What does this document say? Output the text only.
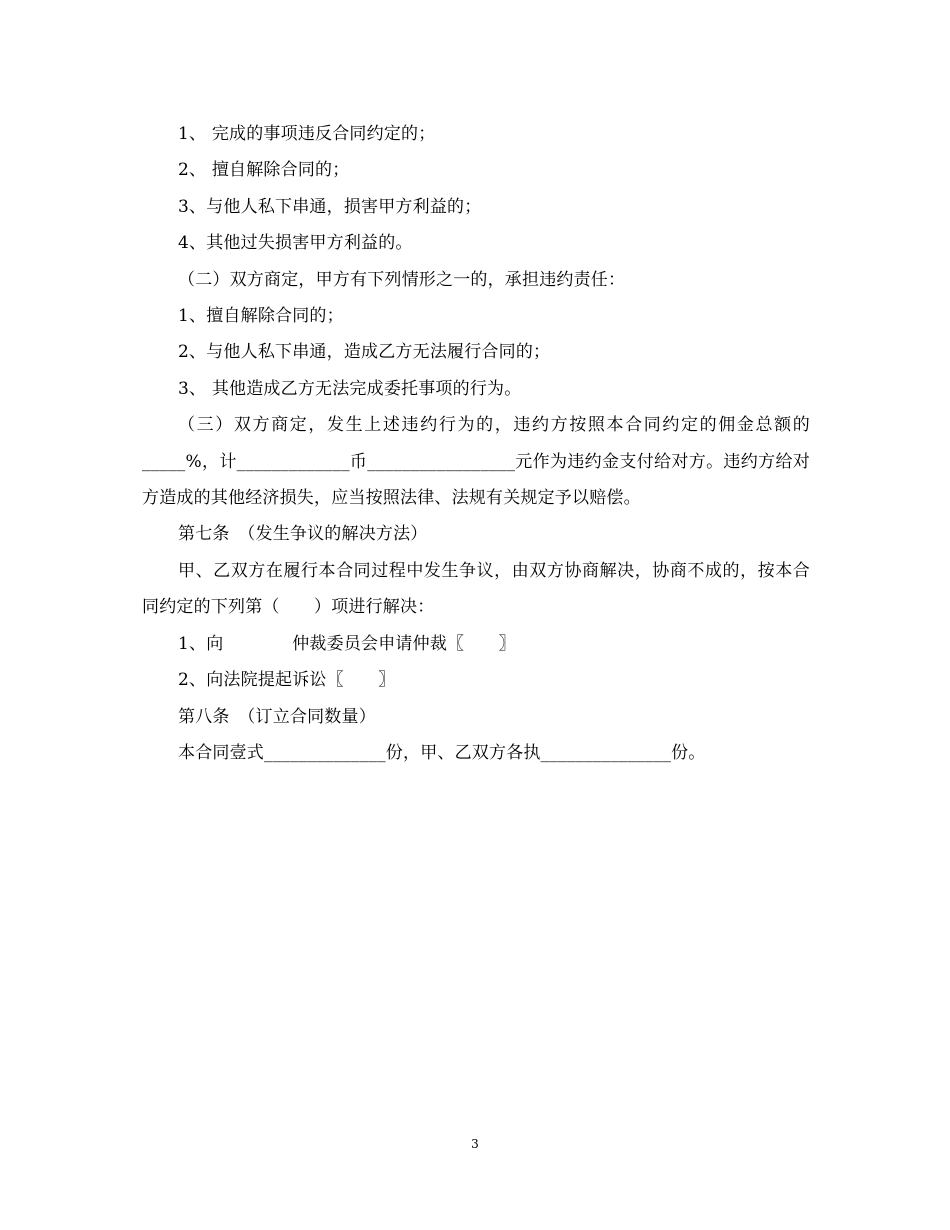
1、 完成的事项违反合同约定的；

2、 擅自解除合同的；

3、与他人私下串通，损害甲方利益的；

4、其他过失损害甲方利益的。

（二）双方商定，甲方有下列情形之一的，承担违约责任：

1、擅自解除合同的；

2、与他人私下串通，造成乙方无法履行合同的；

3、 其他造成乙方无法完成委托事项的行为。

（三）双方商定，发生上述违约行为的，违约方按照本合同约定的佣金总额的_____%，计_____________币_________________元作为违约金支付给对方。违约方给对方造成的其他经济损失，应当按照法律、法规有关规定予以赔偿。

第七条　（发生争议的解决方法）

甲、乙双方在履行本合同过程中发生争议，由双方协商解决，协商不成的，按本合同约定的下列第（　　）项进行解决：

1、向　　　　仲裁委员会申请仲裁〖　　〗

2、向法院提起诉讼〖　　〗

第八条　（订立合同数量）

本合同壹式______________份，甲、乙双方各执_______________份。

3
